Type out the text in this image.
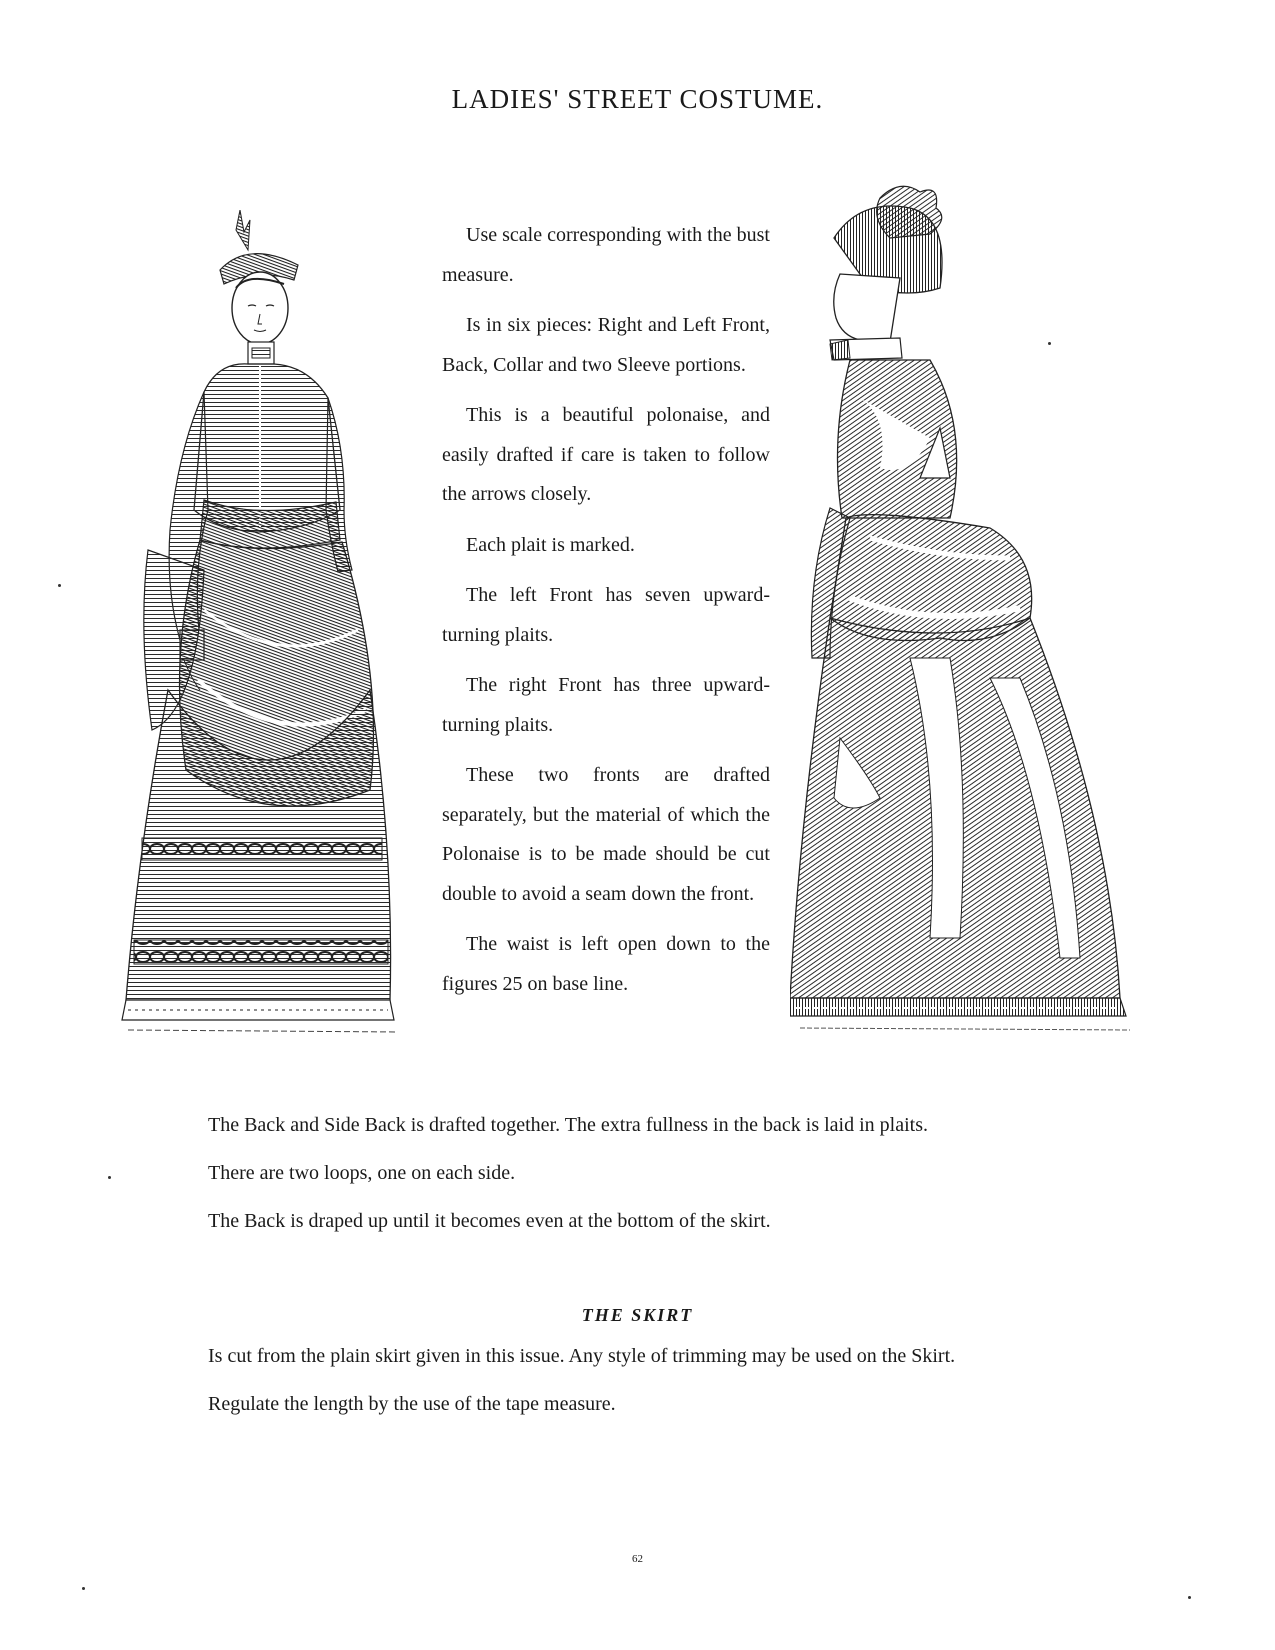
LADIES' STREET COSTUME.

Use scale corresponding with the bust measure.

Is in six pieces: Right and Left Front, Back, Collar and two Sleeve portions.

This is a beautiful polonaise, and easily drafted if care is taken to follow the arrows closely.

Each plait is marked.

The left Front has seven upward-turning plaits.

The right Front has three upward-turning plaits.

These two fronts are drafted separately, but the material of which the Polonaise is to be made should be cut double to avoid a seam down the front.

The waist is left open down to the figures 25 on base line.

The Back and Side Back is drafted together. The extra fullness in the back is laid in plaits.

There are two loops, one on each side.

The Back is draped up until it becomes even at the bottom of the skirt.

THE SKIRT

Is cut from the plain skirt given in this issue. Any style of trimming may be used on the Skirt.

Regulate the length by the use of the tape measure.

62
